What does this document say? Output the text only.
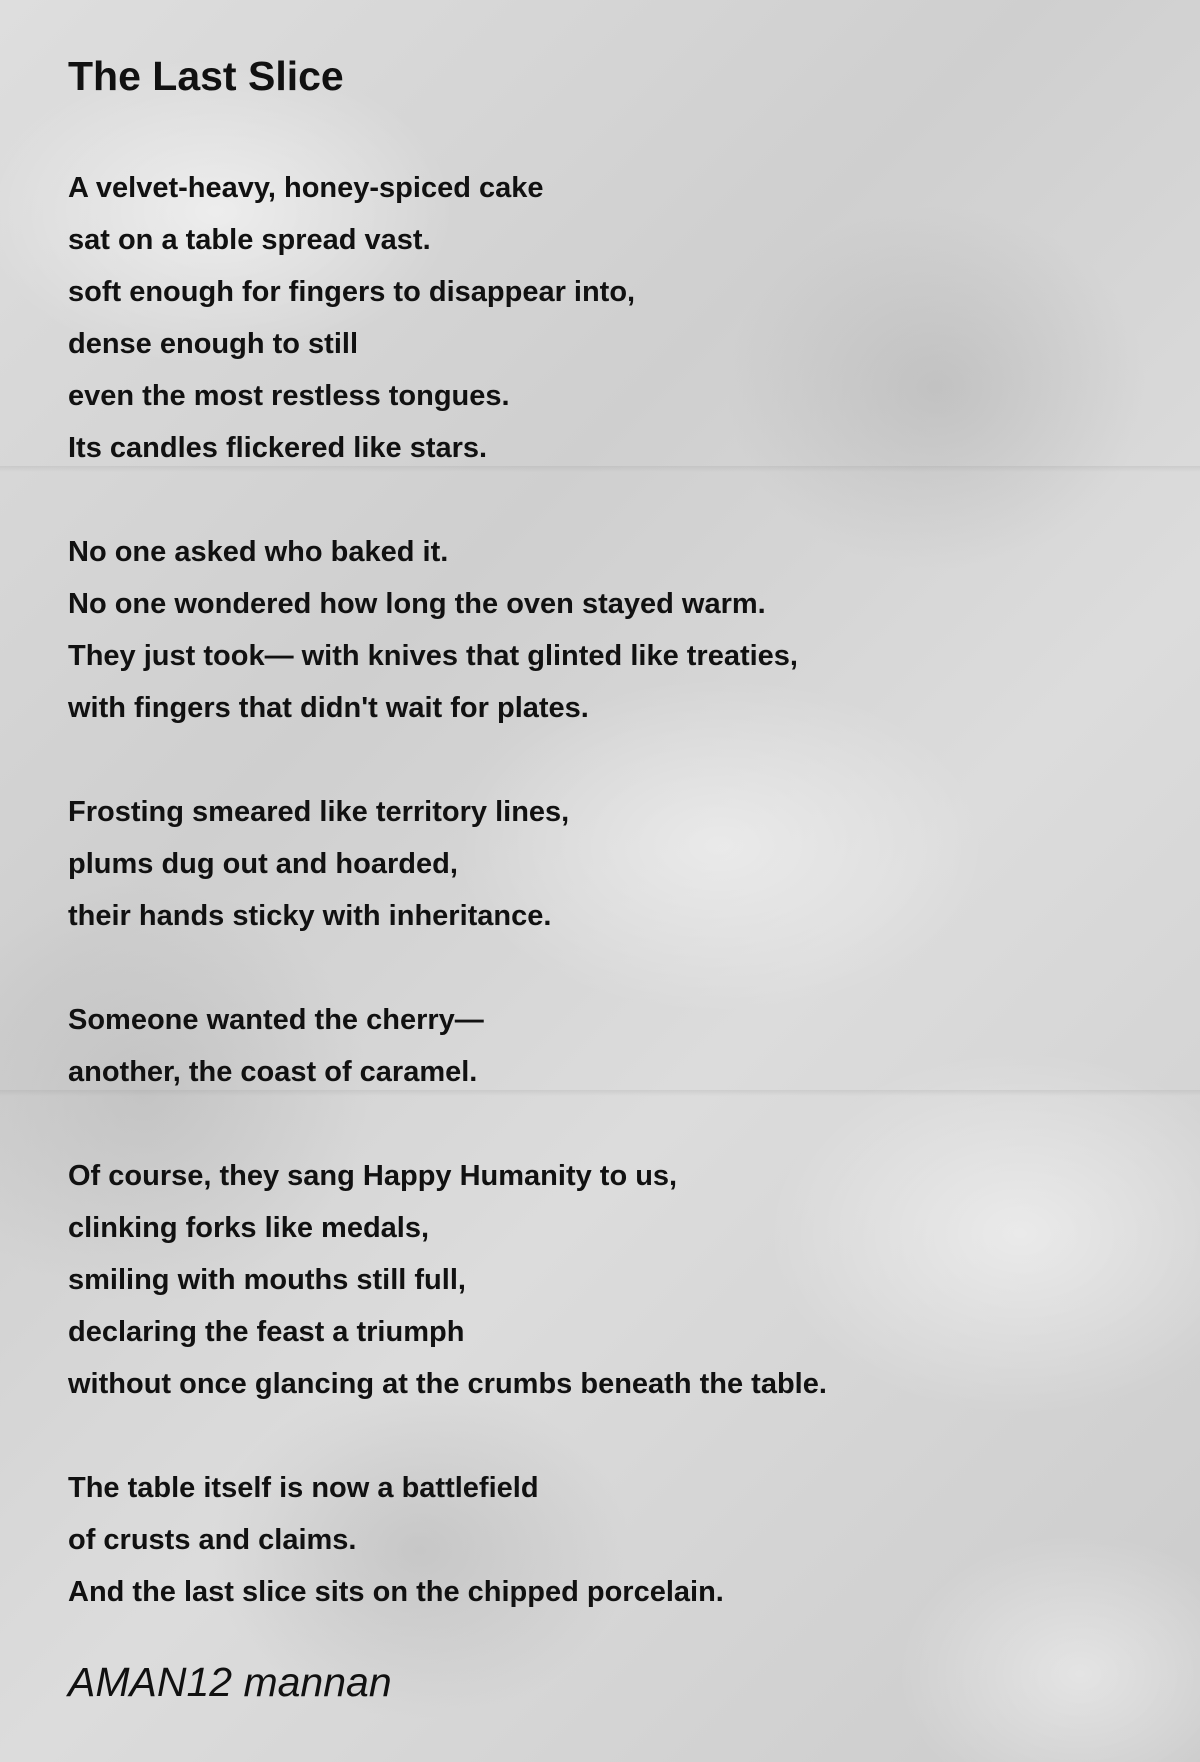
The Last Slice
A velvet-heavy, honey-spiced cake
sat on a table spread vast.
soft enough for fingers to disappear into,
dense enough to still
even the most restless tongues.
Its candles flickered like stars.
No one asked who baked it.
No one wondered how long the oven stayed warm.
They just took— with knives that glinted like treaties,
with fingers that didn't wait for plates.
Frosting smeared like territory lines,
plums dug out and hoarded,
their hands sticky with inheritance.
Someone wanted the cherry—
another, the coast of caramel.
Of course, they sang Happy Humanity to us,
clinking forks like medals,
smiling with mouths still full,
declaring the feast a triumph
without once glancing at the crumbs beneath the table.
The table itself is now a battlefield
of crusts and claims.
And the last slice sits on the chipped porcelain.
AMAN12 mannan
